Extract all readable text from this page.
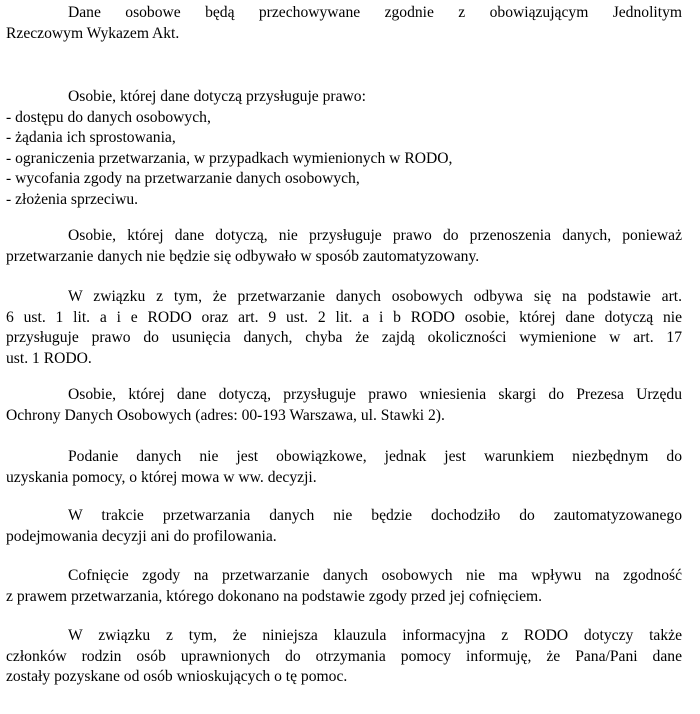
Dane osobowe będą przechowywane zgodnie z obowiązującym Jednolitym
Rzeczowym Wykazem Akt.
Osobie, której dane dotyczą przysługuje prawo:
- dostępu do danych osobowych,
- żądania ich sprostowania,
- ograniczenia przetwarzania, w przypadkach wymienionych w RODO,
- wycofania zgody na przetwarzanie danych osobowych,
- złożenia sprzeciwu.
Osobie, której dane dotyczą, nie przysługuje prawo do przenoszenia danych, ponieważ
przetwarzanie danych nie będzie się odbywało w sposób zautomatyzowany.
W związku z tym, że przetwarzanie danych osobowych odbywa się na podstawie art.
6 ust. 1 lit. a i e RODO oraz art. 9 ust. 2 lit. a i b RODO osobie, której dane dotyczą nie
przysługuje prawo do usunięcia danych, chyba że zajdą okoliczności wymienione w art. 17
ust. 1 RODO.
Osobie, której dane dotyczą, przysługuje prawo wniesienia skargi do Prezesa Urzędu
Ochrony Danych Osobowych (adres: 00-193 Warszawa, ul. Stawki 2).
Podanie danych nie jest obowiązkowe, jednak jest warunkiem niezbędnym do
uzyskania pomocy, o której mowa w ww. decyzji.
W trakcie przetwarzania danych nie będzie dochodziło do zautomatyzowanego
podejmowania decyzji ani do profilowania.
Cofnięcie zgody na przetwarzanie danych osobowych nie ma wpływu na zgodność
z prawem przetwarzania, którego dokonano na podstawie zgody przed jej cofnięciem.
W związku z tym, że niniejsza klauzula informacyjna z RODO dotyczy także
członków rodzin osób uprawnionych do otrzymania pomocy informuję, że Pana/Pani dane
zostały pozyskane od osób wnioskujących o tę pomoc.
